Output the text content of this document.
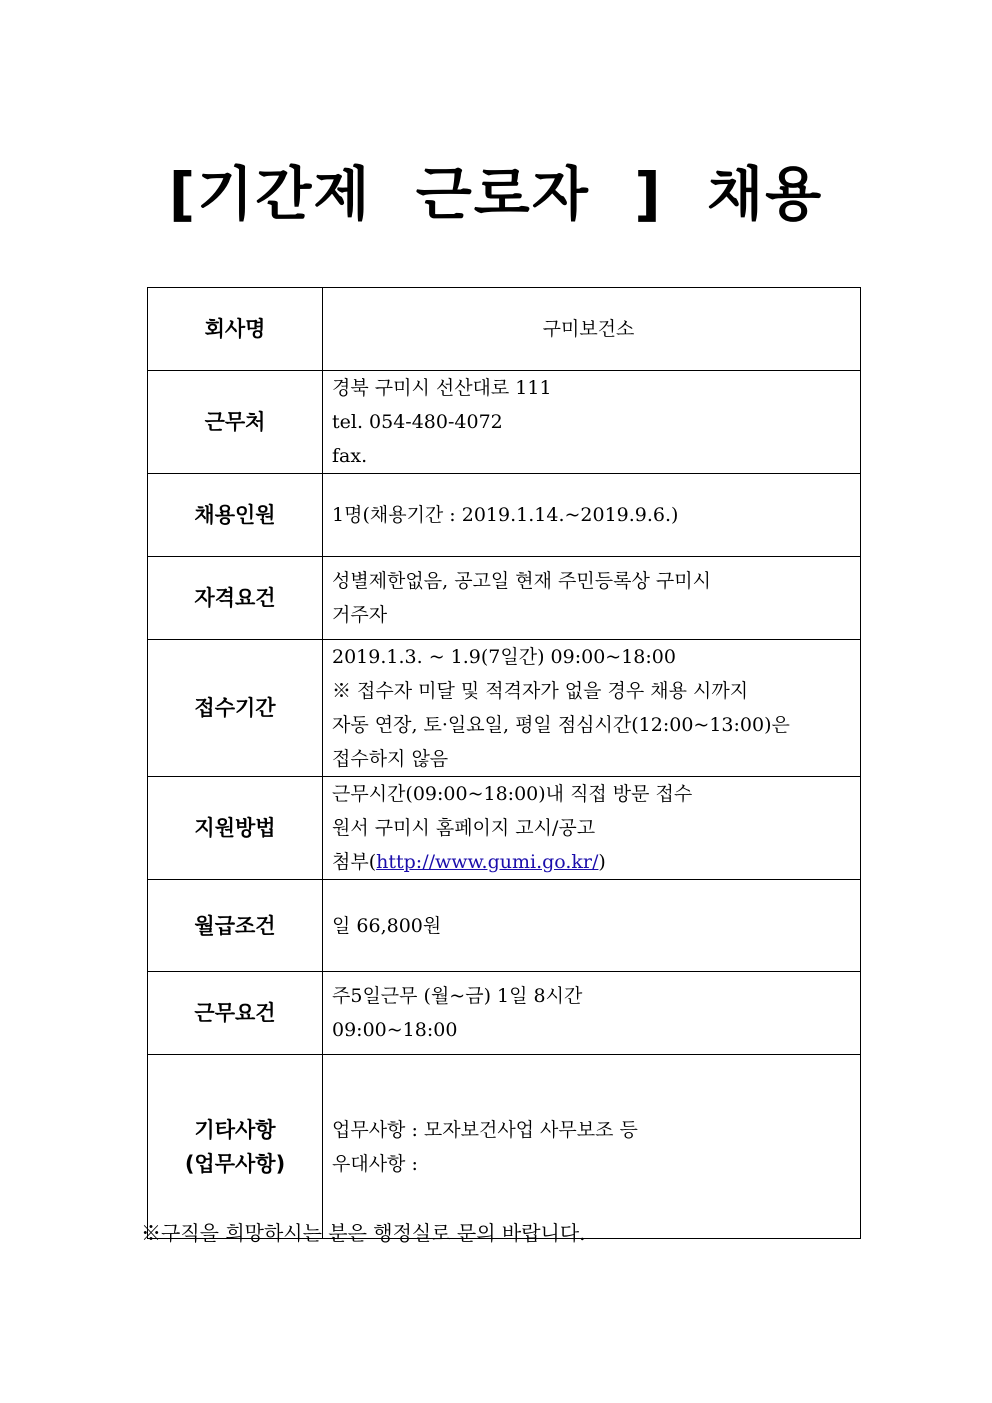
[기간제  근로자  ]  채용
회사명	구미보건소
근무처	경북 구미시 선산대로 111
tel. 054-480-4072
fax.

채용인원	1명(채용기간 : 2019.1.14.~2019.9.6.)
자격요건	성별제한없음, 공고일 현재 주민등록상 구미시
거주자

접수기간	2019.1.3. ~ 1.9(7일간) 09:00~18:00
※ 접수자 미달 및 적격자가 없을 경우 채용 시까지
자동 연장, 토·일요일, 평일 점심시간(12:00~13:00)은
접수하지 않음

지원방법	근무시간(09:00~18:00)내 직접 방문 접수
원서 구미시 홈페이지 고시/공고
첨부(http://www.gumi.go.kr/)

월급조건	일 66,800원
근무요건	주5일근무 (월~금) 1일 8시간
09:00~18:00

기타사항
(업무사항)	업무사항 : 모자보건사업 사무보조 등
우대사항 :
※구직을 희망하시는 분은 행정실로 문의 바랍니다.
